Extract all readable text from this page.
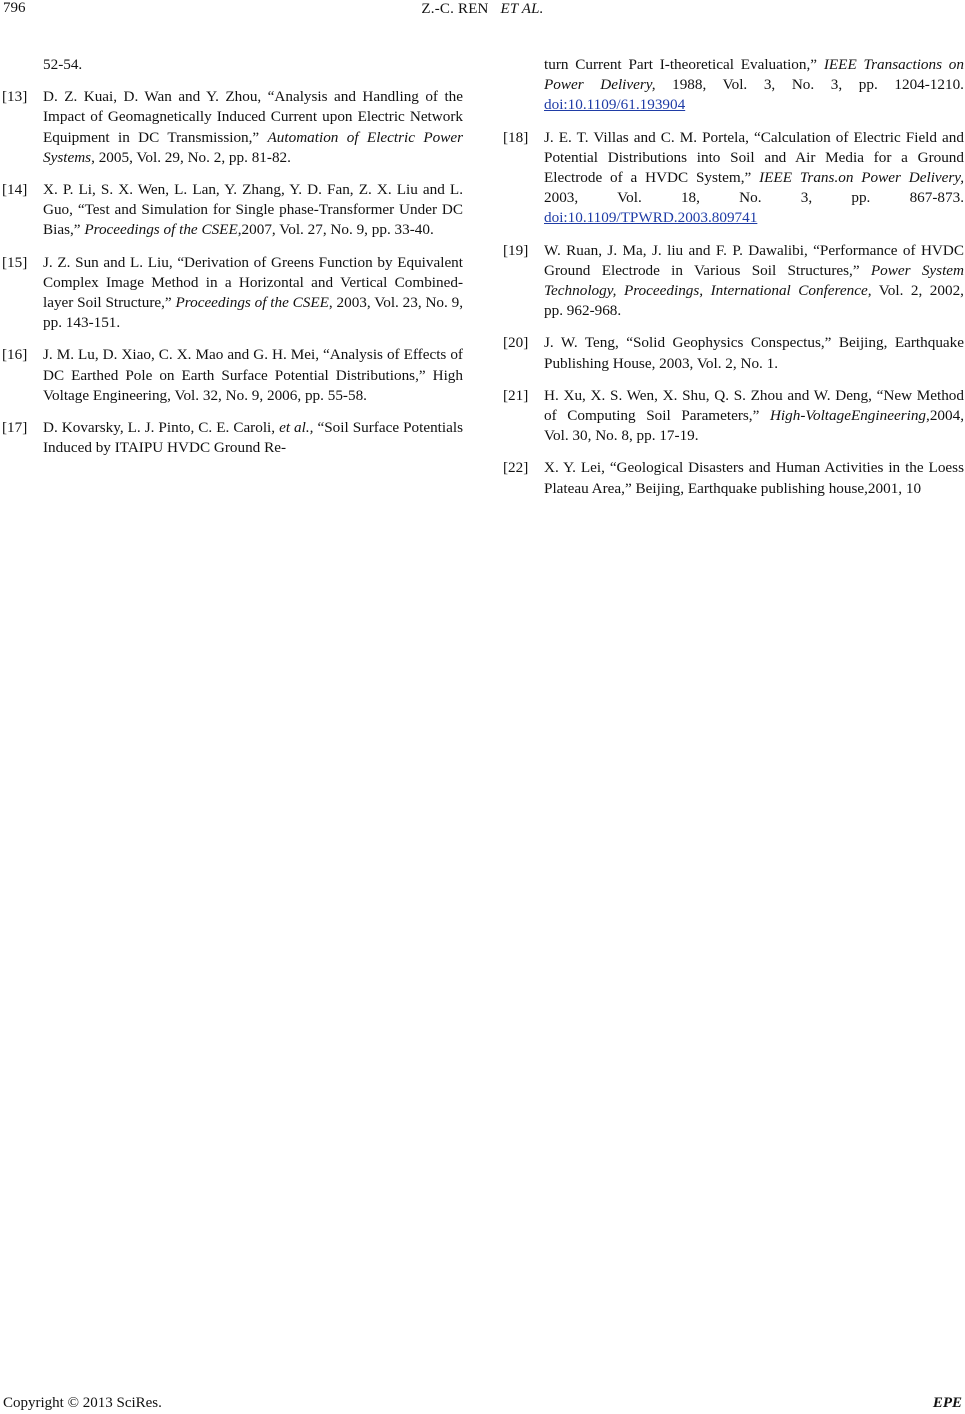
796	Z.-C. REN ET AL.
52-54.
[13] D. Z. Kuai, D. Wan and Y. Zhou, “Analysis and Handling of the Impact of Geomagnetically Induced Current upon Electric Network Equipment in DC Transmission,” Automation of Electric Power Systems, 2005, Vol. 29, No. 2, pp. 81-82.
[14] X. P. Li, S. X. Wen, L. Lan, Y. Zhang, Y. D. Fan, Z. X. Liu and L. Guo, “Test and Simulation for Single phase-Transformer Under DC Bias,” Proceedings of the CSEE,2007, Vol. 27, No. 9, pp. 33-40.
[15] J. Z. Sun and L. Liu, “Derivation of Greens Function by Equivalent Complex Image Method in a Horizontal and Vertical Combined-layer Soil Structure,” Proceedings of the CSEE, 2003, Vol. 23, No. 9, pp. 143-151.
[16] J. M. Lu, D. Xiao, C. X. Mao and G. H. Mei, “Analysis of Effects of DC Earthed Pole on Earth Surface Potential Distributions,” High Voltage Engineering, Vol. 32, No. 9, 2006, pp. 55-58.
[17] D. Kovarsky, L. J. Pinto, C. E. Caroli, et al., “Soil Surface Potentials Induced by ITAIPU HVDC Ground Re-
turn Current Part I-theoretical Evaluation,” IEEE Transactions on Power Delivery, 1988, Vol. 3, No. 3, pp. 1204-1210. doi:10.1109/61.193904
[18] J. E. T. Villas and C. M. Portela, “Calculation of Electric Field and Potential Distributions into Soil and Air Media for a Ground Electrode of a HVDC System,” IEEE Trans.on Power Delivery, 2003, Vol. 18, No. 3, pp. 867-873. doi:10.1109/TPWRD.2003.809741
[19] W. Ruan, J. Ma, J. liu and F. P. Dawalibi, “Performance of HVDC Ground Electrode in Various Soil Structures,” Power System Technology, Proceedings, International Conference, Vol. 2, 2002, pp. 962-968.
[20] J. W. Teng, “Solid Geophysics Conspectus,” Beijing, Earthquake Publishing House, 2003, Vol. 2, No. 1.
[21] H. Xu, X. S. Wen, X. Shu, Q. S. Zhou and W. Deng, “New Method of Computing Soil Parameters,” High-VoltageEngineering,2004, Vol. 30, No. 8, pp. 17-19.
[22] X. Y. Lei, “Geological Disasters and Human Activities in the Loess Plateau Area,” Beijing, Earthquake publishing house,2001, 10
Copyright © 2013 SciRes.	EPE
